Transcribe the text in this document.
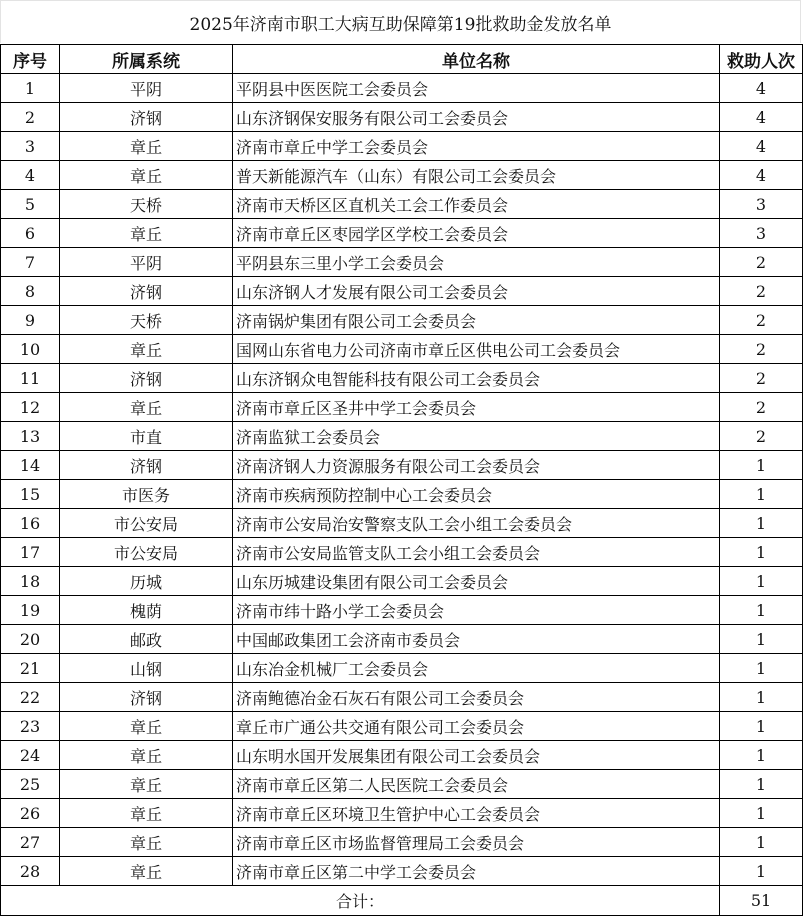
2025年济南市职工大病互助保障第19批救助金发放名单
序号	所属系统	单位名称	救助人次
1	平阴	平阴县中医医院工会委员会	4
2	济钢	山东济钢保安服务有限公司工会委员会	4
3	章丘	济南市章丘中学工会委员会	4
4	章丘	普天新能源汽车（山东）有限公司工会委员会	4
5	天桥	济南市天桥区区直机关工会工作委员会	3
6	章丘	济南市章丘区枣园学区学校工会委员会	3
7	平阴	平阴县东三里小学工会委员会	2
8	济钢	山东济钢人才发展有限公司工会委员会	2
9	天桥	济南锅炉集团有限公司工会委员会	2
10	章丘	国网山东省电力公司济南市章丘区供电公司工会委员会	2
11	济钢	山东济钢众电智能科技有限公司工会委员会	2
12	章丘	济南市章丘区圣井中学工会委员会	2
13	市直	济南监狱工会委员会	2
14	济钢	济南济钢人力资源服务有限公司工会委员会	1
15	市医务	济南市疾病预防控制中心工会委员会	1
16	市公安局	济南市公安局治安警察支队工会小组工会委员会	1
17	市公安局	济南市公安局监管支队工会小组工会委员会	1
18	历城	山东历城建设集团有限公司工会委员会	1
19	槐荫	济南市纬十路小学工会委员会	1
20	邮政	中国邮政集团工会济南市委员会	1
21	山钢	山东冶金机械厂工会委员会	1
22	济钢	济南鲍德冶金石灰石有限公司工会委员会	1
23	章丘	章丘市广通公共交通有限公司工会委员会	1
24	章丘	山东明水国开发展集团有限公司工会委员会	1
25	章丘	济南市章丘区第二人民医院工会委员会	1
26	章丘	济南市章丘区环境卫生管护中心工会委员会	1
27	章丘	济南市章丘区市场监督管理局工会委员会	1
28	章丘	济南市章丘区第二中学工会委员会	1
合计：			51
